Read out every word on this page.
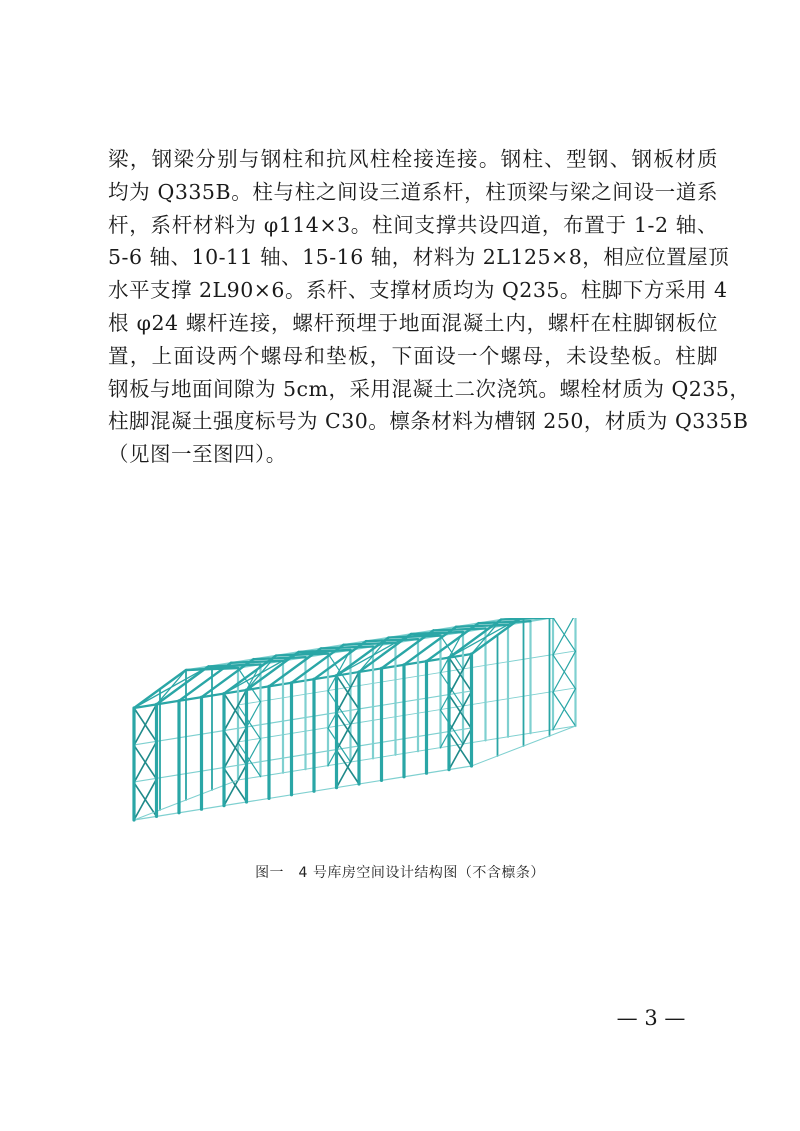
梁，钢梁分别与钢柱和抗风柱栓接连接。钢柱、型钢、钢板材质
均为 Q335B。柱与柱之间设三道系杆，柱顶梁与梁之间设一道系
杆，系杆材料为 φ114×3。柱间支撑共设四道，布置于 1-2 轴、
5-6 轴、10-11 轴、15-16 轴，材料为 2L125×8，相应位置屋顶
水平支撑 2L90×6。系杆、支撑材质均为 Q235。柱脚下方采用 4
根 φ24 螺杆连接，螺杆预埋于地面混凝土内，螺杆在柱脚钢板位
置，上面设两个螺母和垫板，下面设一个螺母，未设垫板。柱脚
钢板与地面间隙为 5cm，采用混凝土二次浇筑。螺栓材质为 Q235，
柱脚混凝土强度标号为 C30。檩条材料为槽钢 250，材质为 Q335B
（见图一至图四）。
图一　4 号库房空间设计结构图（不含檩条）
— 3 —
